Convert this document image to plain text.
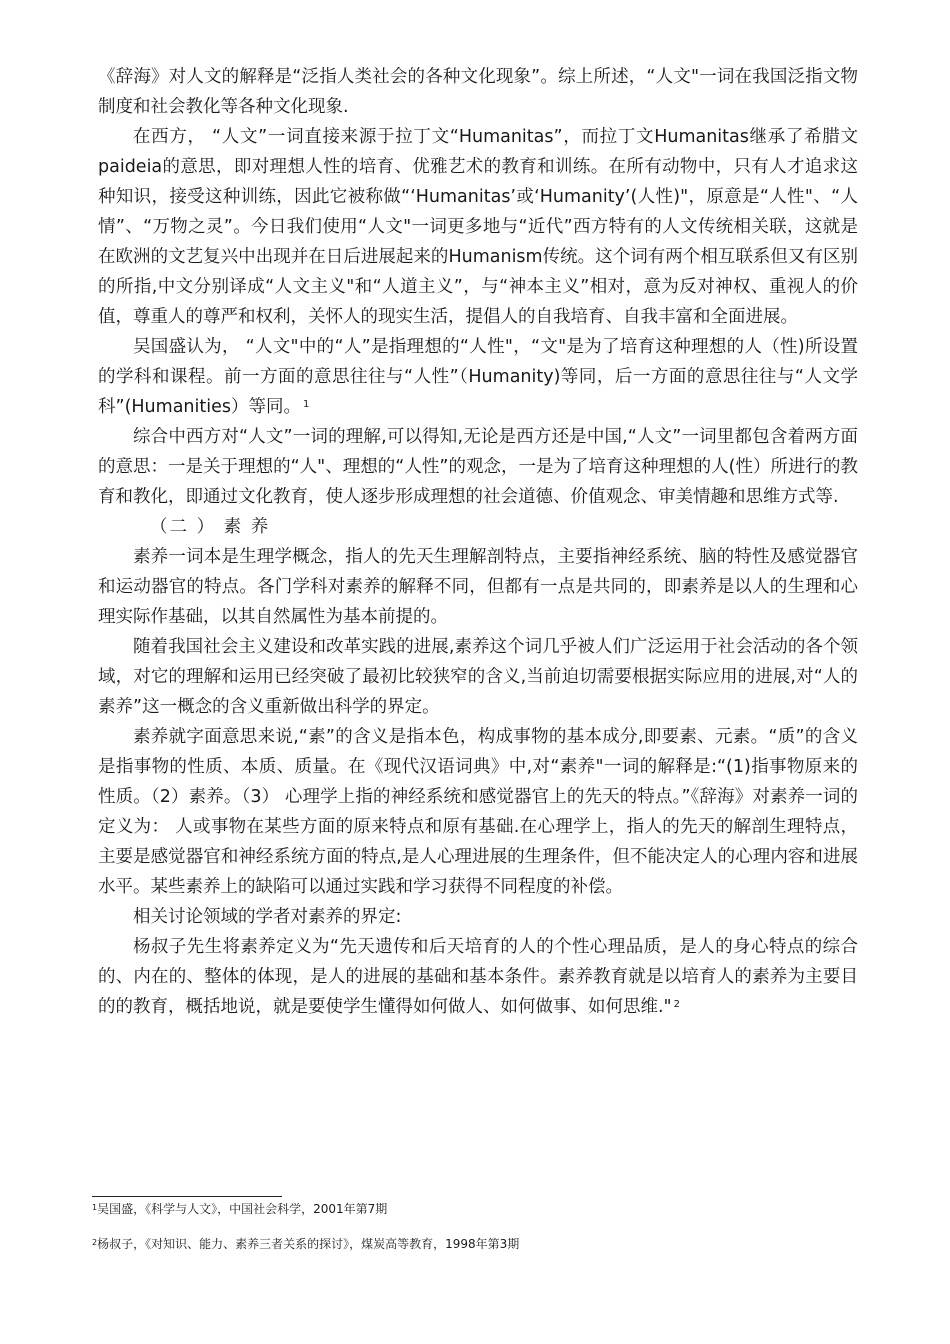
《辞海》对人文的解释是“泛指人类社会的各种文化现象”。综上所述，“人文"一词在我国泛指文物制度和社会教化等各种文化现象.

在西方， “人文”一词直接来源于拉丁文“Humanitas”，而拉丁文Humanitas继承了希腊文paideia的意思，即对理想人性的培育、优雅艺术的教育和训练。在所有动物中，只有人才追求这种知识，接受这种训练，因此它被称做“‘Humanitas’或‘Humanity’(人性)"，原意是“人性"、“人情”、“万物之灵”。今日我们使用“人文"一词更多地与“近代”西方特有的人文传统相关联，这就是在欧洲的文艺复兴中出现并在日后进展起来的Humanism传统。这个词有两个相互联系但又有区别的所指,中文分别译成“人文主义"和“人道主义”，与“神本主义”相对，意为反对神权、重视人的价值，尊重人的尊严和权利，关怀人的现实生活，提倡人的自我培育、自我丰富和全面进展。

吴国盛认为， “人文"中的“人”是指理想的“人性"，“文"是为了培育这种理想的人（性)所设置的学科和课程。前一方面的意思往往与“人性”（Humanity)等同，后一方面的意思往往与“人文学科”(Humanities）等同。 $^1$

综合中西方对“人文”一词的理解,可以得知,无论是西方还是中国,“人文”一词里都包含着两方面的意思：一是关于理想的“人"、理想的“人性”的观念，一是为了培育这种理想的人(性）所进行的教育和教化，即通过文化教育，使人逐步形成理想的社会道德、价值观念、审美情趣和思维方式等.

（二 ） 素 养

素养一词本是生理学概念，指人的先天生理解剖特点，主要指神经系统、脑的特性及感觉器官和运动器官的特点。各门学科对素养的解释不同，但都有一点是共同的，即素养是以人的生理和心理实际作基础，以其自然属性为基本前提的。

随着我国社会主义建设和改革实践的进展,素养这个词几乎被人们广泛运用于社会活动的各个领域，对它的理解和运用已经突破了最初比较狭窄的含义,当前迫切需要根据实际应用的进展,对“人的素养”这一概念的含义重新做出科学的界定。

素养就字面意思来说,“素”的含义是指本色，构成事物的基本成分,即要素、元素。“质”的含义是指事物的性质、本质、质量。在《现代汉语词典》中,对“素养"一词的解释是:“(1)指事物原来的性质。（2）素养。（3） 心理学上指的神经系统和感觉器官上的先天的特点。”《辞海》对素养一词的定义为： 人或事物在某些方面的原来特点和原有基础.在心理学上，指人的先天的解剖生理特点，主要是感觉器官和神经系统方面的特点,是人心理进展的生理条件，但不能决定人的心理内容和进展水平。某些素养上的缺陷可以通过实践和学习获得不同程度的补偿。

相关讨论领域的学者对素养的界定:

杨叔子先生将素养定义为“先天遗传和后天培育的人的个性心理品质，是人的身心特点的综合的、内在的、整体的体现，是人的进展的基础和基本条件。素养教育就是以培育人的素养为主要目的的教育，概括地说，就是要使学生懂得如何做人、如何做事、如何思维." $^2$

$^1$吴国盛，《科学与人文》，中国社会科学，2001年第7期
$^2$杨叔子，《对知识、能力、素养三者关系的探讨》，煤炭高等教育，1998年第3期
